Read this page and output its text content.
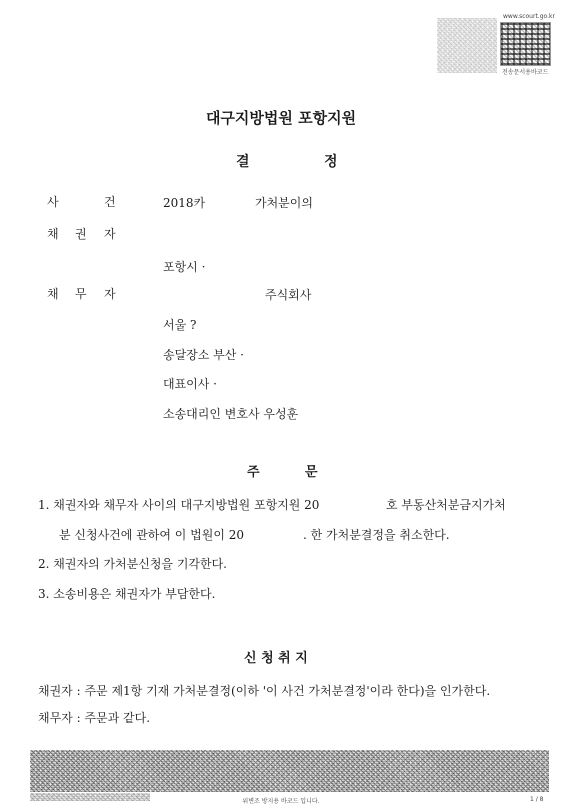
www.scourt.go.kr
전송문서용바코드
대구지방법원 포항지원
결	정
사	건	2018카	가처분이의
채 권 자
포항시 ·
채 무 자	주식회사
서울 ?
송달장소 부산 ·
대표이사 ·
소송대리인 변호사 우성훈
주	문
1. 채권자와 채무자 사이의 대구지방법원 포항지원 20	호 부동산처분금지가처
분 신청사건에 관하여 이 법원이 20	. 한 가처분결정을 취소한다.
2. 채권자의 가처분신청을 기각한다.
3. 소송비용은 채권자가 부담한다.
신 청 취 지
채권자 : 주문 제1항 기재 가처분결정(이하 '이 사건 가처분결정'이라 한다)을 인가한다.
채무자 : 주문과 같다.
위변조 방지용 바코드 입니다.	1 / 8
